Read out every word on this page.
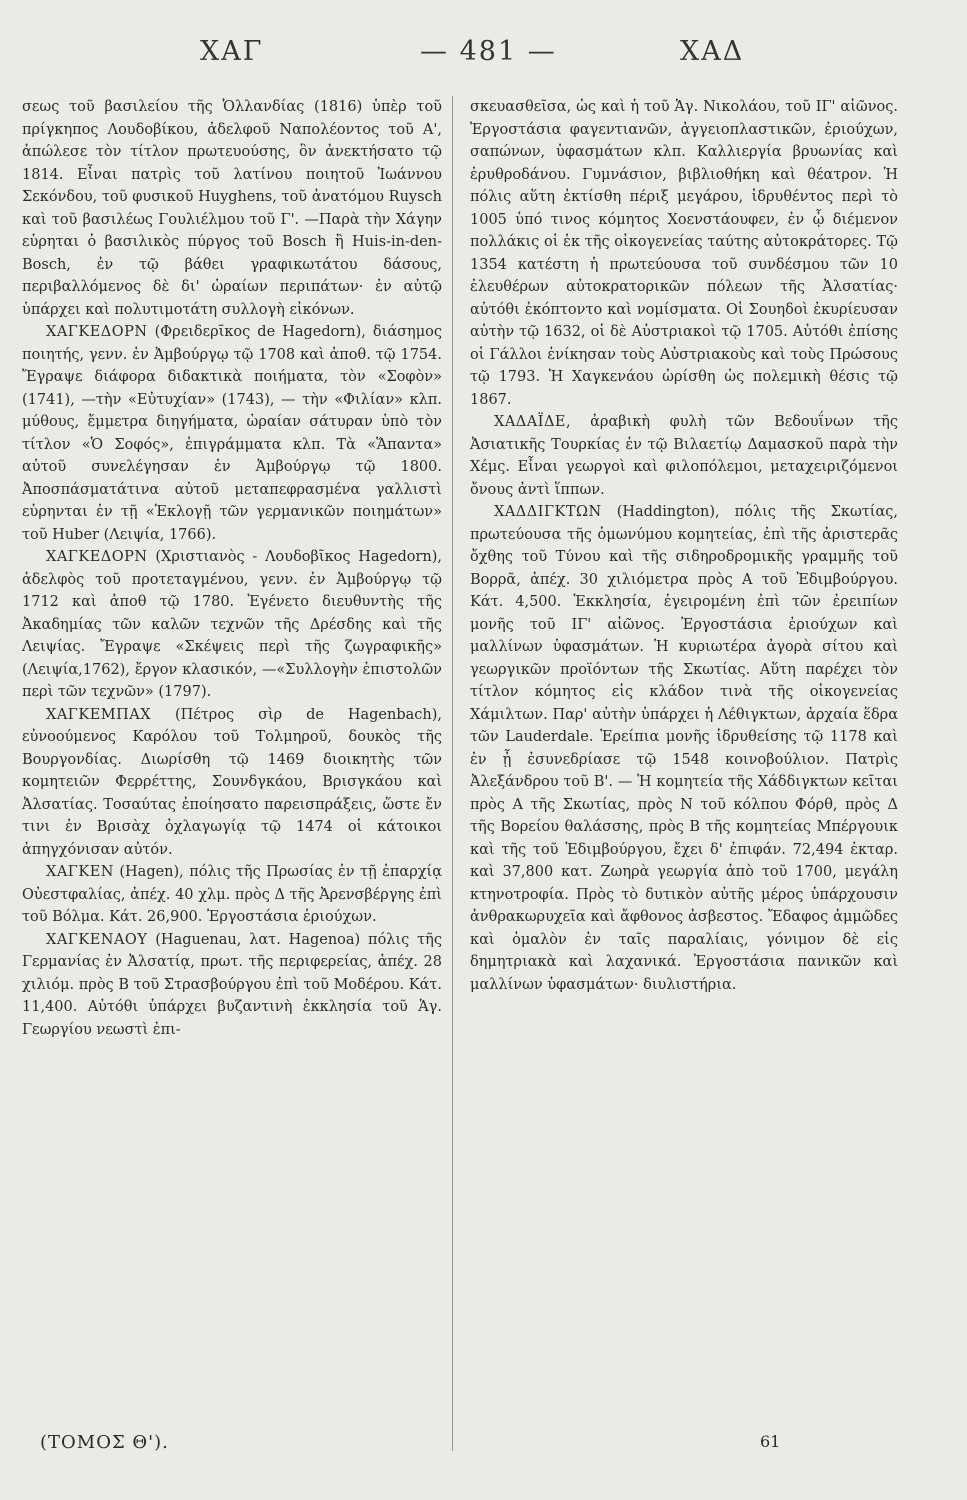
ΧΑΓ	— 481 —	ΧΑΔ

σεως τοῦ βασιλείου τῆς Ὁλλανδίας (1816) ὑπὲρ τοῦ πρίγκηπος Λουδοβίκου, ἀδελφοῦ Ναπολέοντος τοῦ Α', ἀπώλεσε τὸν τίτλον πρωτευούσης, ὃν ἀνεκτήσατο τῷ 1814. Εἶναι πατρὶς τοῦ λατίνου ποιητοῦ Ἰωάννου Σεκόνδου, τοῦ φυσικοῦ Huyghens, τοῦ ἀνατόμου Ruysch καὶ τοῦ βασιλέως Γουλιέλμου τοῦ Γ'. —Παρὰ τὴν Χάγην εὑρηται ὁ βασιλικὸς πύργος τοῦ Bosch ἢ Huis-in-den-Bosch, ἐν τῷ βάθει γραφικωτάτου δάσους, περιβαλλόμενος δὲ δι' ὡραίων περιπάτων· ἐν αὐτῷ ὑπάρχει καὶ πολυτιμοτάτη συλλογὴ εἰκόνων.

ΧΑΓΚΕΔΟΡΝ (Φρειδερῖκος de Hagedorn), διάσημος ποιητής, γενν. ἐν Ἀμβούργῳ τῷ 1708 καὶ ἀποθ. τῷ 1754. Ἔγραψε διάφορα διδακτικὰ ποιήματα, τὸν «Σοφὸν» (1741), —τὴν «Εὐτυχίαν» (1743), — τὴν «Φιλίαν» κλπ. μύθους, ἔμμετρα διηγήματα, ὡραίαν σάτυραν ὑπὸ τὸν τίτλον «Ὁ Σοφός», ἐπιγράμματα κλπ. Τὰ «Ἅπαντα» αὐτοῦ συνελέγησαν ἐν Ἀμβούργῳ τῷ 1800. Ἀποσπάσματάτινα αὐτοῦ μεταπεφρασμένα γαλλιστὶ εὑρηνται ἐν τῇ «Ἐκλογῇ τῶν γερμανικῶν ποιημάτων» τοῦ Huber (Λειψία, 1766).

ΧΑΓΚΕΔΟΡΝ (Χριστιανὸς - Λουδοβῖκος Hagedorn), ἀδελφὸς τοῦ προτεταγμένου, γενν. ἐν Ἀμβούργῳ τῷ 1712 καὶ ἀποθ τῷ 1780. Ἐγένετο διευθυντὴς τῆς Ἀκαδημίας τῶν καλῶν τεχνῶν τῆς Δρέσδης καὶ τῆς Λειψίας. Ἔγραψε «Σκέψεις περὶ τῆς ζωγραφικῆς» (Λειψία,1762), ἔργον κλασικόν, —«Συλλογὴν ἐπιστολῶν περὶ τῶν τεχνῶν» (1797).

ΧΑΓΚΕΜΠΑΧ (Πέτρος σὶρ de Hagenbach), εὐνοούμενος Καρόλου τοῦ Τολμηροῦ, δουκὸς τῆς Βουργονδίας. Διωρίσθη τῷ 1469 διοικητὴς τῶν κομητειῶν Φερρέττης, Σουνδγκάου, Βρισγκάου καὶ Ἀλσατίας. Τοσαύτας ἐποίησατο παρεισπράξεις, ὥστε ἔν τινι ἐν Βρισὰχ ὀχλαγωγίᾳ τῷ 1474 οἱ κάτοικοι ἀπηγχόνισαν αὐτόν.

ΧΑΓΚΕΝ (Hagen), πόλις τῆς Πρωσίας ἐν τῇ ἐπαρχίᾳ Οὐεστφαλίας, ἀπέχ. 40 χλμ. πρὸς Δ τῆς Ἀρενσβέργης ἐπὶ τοῦ Βόλμα. Κάτ. 26,900. Ἐργοστάσια ἐριούχων.

ΧΑΓΚΕΝΑΟΥ (Haguenau, λατ. Hagenoa) πόλις τῆς Γερμανίας ἐν Ἀλσατίᾳ, πρωτ. τῆς περιφερείας, ἀπέχ. 28 χιλιόμ. πρὸς Β τοῦ Στρασβούργου ἐπὶ τοῦ Μοδέρου. Κάτ. 11,400. Αὐτόθι ὑπάρχει βυζαντινὴ ἐκκλησία τοῦ Ἁγ. Γεωργίου νεωστὶ ἐπι-

σκευασθεῖσα, ὡς καὶ ἡ τοῦ Ἁγ. Νικολάου, τοῦ ΙΓ' αἰῶνος. Ἐργοστάσια φαγεντιανῶν, ἀγγειοπλαστικῶν, ἐριούχων, σαπώνων, ὑφασμάτων κλπ. Καλλιεργία βρυωνίας καὶ ἐρυθροδάνου. Γυμνάσιον, βιβλιοθήκη καὶ θέατρον. Ἡ πόλις αὕτη ἐκτίσθη πέριξ μεγάρου, ἱδρυθέντος περὶ τὸ 1005 ὑπό τινος κόμητος Χοενστάουφεν, ἐν ᾧ διέμενον πολλάκις οἱ ἐκ τῆς οἰκογενείας ταύτης αὐτοκράτορες. Τῷ 1354 κατέστη ἡ πρωτεύουσα τοῦ συνδέσμου τῶν 10 ἐλευθέρων αὐτοκρατορικῶν πόλεων τῆς Ἀλσατίας· αὐτόθι ἐκόπτοντο καὶ νομίσματα. Οἱ Σουηδοὶ ἐκυρίευσαν αὐτὴν τῷ 1632, οἱ δὲ Αὐστριακοὶ τῷ 1705. Αὐτόθι ἐπίσης οἱ Γάλλοι ἐνίκησαν τοὺς Αὐστριακοὺς καὶ τοὺς Πρώσους τῷ 1793. Ἡ Χαγκενάου ὡρίσθη ὡς πολεμικὴ θέσις τῷ 1867.

ΧΑΔΑΪΔΕ, ἀραβικὴ φυλὴ τῶν Βεδουΐνων τῆς Ἀσιατικῆς Τουρκίας ἐν τῷ Βιλαετίῳ Δαμασκοῦ παρὰ τὴν Χέμς. Εἶναι γεωργοὶ καὶ φιλοπόλεμοι, μεταχειριζόμενοι ὄνους ἀντὶ ἵππων.

ΧΑΔΔΙΓΚΤΩΝ (Haddington), πόλις τῆς Σκωτίας, πρωτεύουσα τῆς ὁμωνύμου κομητείας, ἐπὶ τῆς ἀριστερᾶς ὄχθης τοῦ Τύνου καὶ τῆς σιδηροδρομικῆς γραμμῆς τοῦ Βορρᾶ, ἀπέχ. 30 χιλιόμετρα πρὸς Α τοῦ Ἐδιμβούργου. Κάτ. 4,500. Ἐκκλησία, ἐγειρομένη ἐπὶ τῶν ἐρειπίων μονῆς τοῦ ΙΓ' αἰῶνος. Ἐργοστάσια ἐριούχων καὶ μαλλίνων ὑφασμάτων. Ἡ κυριωτέρα ἀγορὰ σίτου καὶ γεωργικῶν προϊόντων τῆς Σκωτίας. Αὕτη παρέχει τὸν τίτλον κόμητος εἰς κλάδον τινὰ τῆς οἰκογενείας Χάμιλτων. Παρ' αὐτὴν ὑπάρχει ἡ Λέθιγκτων, ἀρχαία ἕδρα τῶν Lauderdale. Ἐρείπια μονῆς ἱδρυθείσης τῷ 1178 καὶ ἐν ᾗ ἐσυνεδρίασε τῷ 1548 κοινοβούλιον. Πατρὶς Ἀλεξάνδρου τοῦ Β'. — Ἡ κομητεία τῆς Χάδδιγκτων κεῖται πρὸς Α τῆς Σκωτίας, πρὸς Ν τοῦ κόλπου Φόρθ, πρὸς Δ τῆς Βορείου θαλάσσης, πρὸς Β τῆς κομητείας Μπέργουικ καὶ τῆς τοῦ Ἐδιμβούργου, ἔχει δ' ἐπιφάν. 72,494 ἐκταρ. καὶ 37,800 κατ. Ζωηρὰ γεωργία ἀπὸ τοῦ 1700, μεγάλη κτηνοτροφία. Πρὸς τὸ δυτικὸν αὐτῆς μέρος ὑπάρχουσιν ἀνθρακωρυχεῖα καὶ ἄφθονος ἀσβεστος. Ἔδαφος ἀμμῶδες καὶ ὁμαλὸν ἐν ταῖς παραλίαις, γόνιμον δὲ εἰς δημητριακὰ καὶ λαχανικά. Ἐργοστάσια πανικῶν καὶ μαλλίνων ὑφασμάτων· διυλιστήρια.

(ΤΟΜΟΣ Θ').	61
